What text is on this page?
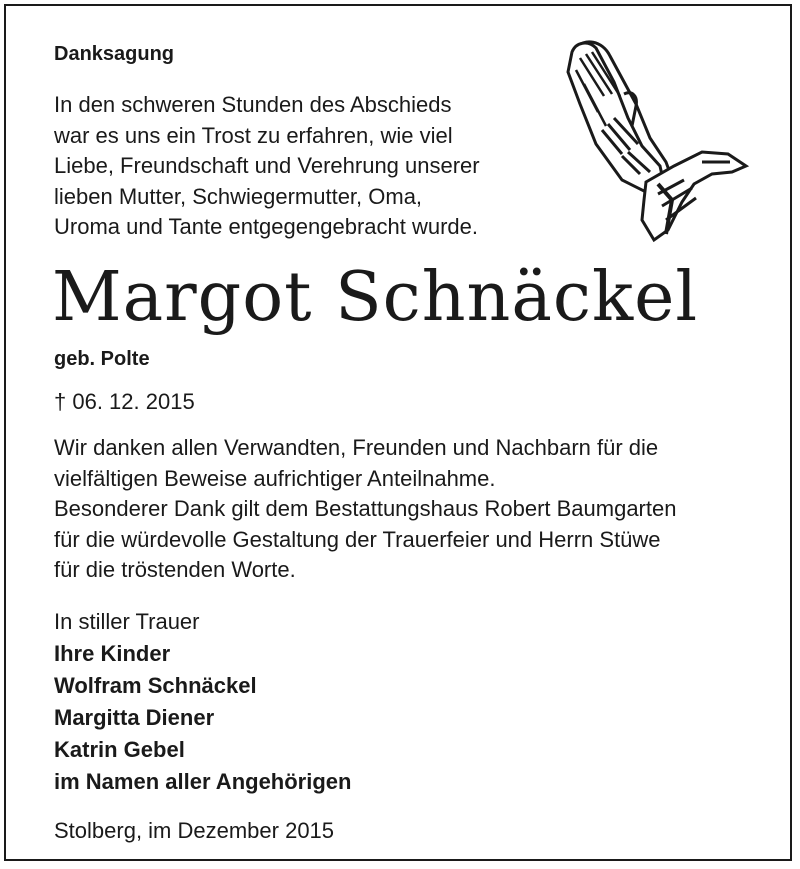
Danksagung
In den schweren Stunden des Abschieds
war es uns ein Trost zu erfahren, wie viel
Liebe, Freundschaft und Verehrung unserer
lieben Mutter, Schwiegermutter, Oma,
Uroma und Tante entgegengebracht wurde.
Margot Schnäckel
geb. Polte
† 06. 12. 2015
Wir danken allen Verwandten, Freunden und Nachbarn für die
vielfältigen Beweise aufrichtiger Anteilnahme.
Besonderer Dank gilt dem Bestattungshaus Robert Baumgarten
für die würdevolle Gestaltung der Trauerfeier und Herrn Stüwe
für die tröstenden Worte.
In stiller Trauer
Ihre Kinder
Wolfram Schnäckel
Margitta Diener
Katrin Gebel
im Namen aller Angehörigen
Stolberg, im Dezember 2015
